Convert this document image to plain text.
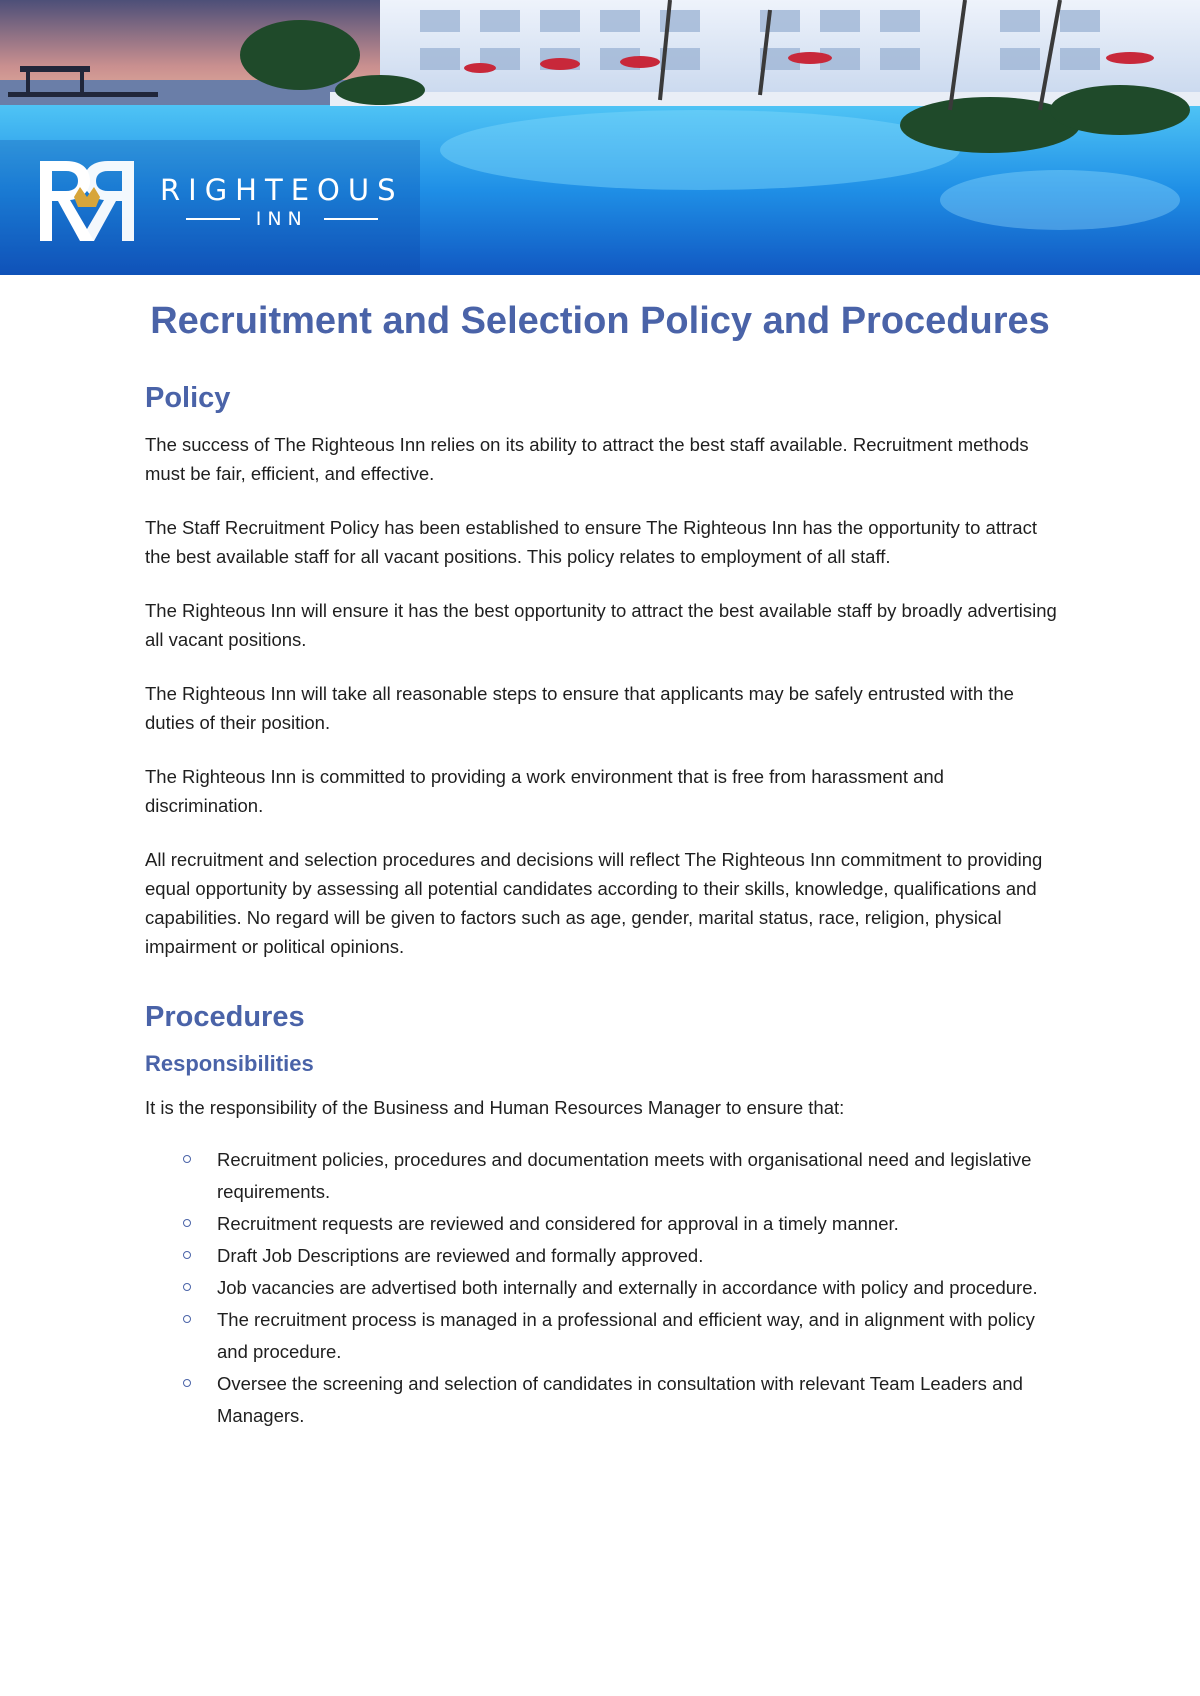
RIGHTEOUS
INN
Recruitment and Selection Policy and Procedures
Policy

The success of The Righteous Inn relies on its ability to attract the best staff available. Recruitment methods must be fair, efficient, and effective.

The Staff Recruitment Policy has been established to ensure The Righteous Inn has the opportunity to attract the best available staff for all vacant positions. This policy relates to employment of all staff.

The Righteous Inn will ensure it has the best opportunity to attract the best available staff by broadly advertising all vacant positions.

The Righteous Inn will take all reasonable steps to ensure that applicants may be safely entrusted with the duties of their position.

The Righteous Inn is committed to providing a work environment that is free from harassment and discrimination.

All recruitment and selection procedures and decisions will reflect The Righteous Inn commitment to providing equal opportunity by assessing all potential candidates according to their skills, knowledge, qualifications and capabilities. No regard will be given to factors such as age, gender, marital status, race, religion, physical impairment or political opinions.

Procedures
Responsibilities

It is the responsibility of the Business and Human Resources Manager to ensure that:

Recruitment policies, procedures and documentation meets with organisational need and legislative requirements.
Recruitment requests are reviewed and considered for approval in a timely manner.
Draft Job Descriptions are reviewed and formally approved.
Job vacancies are advertised both internally and externally in accordance with policy and procedure.
The recruitment process is managed in a professional and efficient way, and in alignment with policy and procedure.
Oversee the screening and selection of candidates in consultation with relevant Team Leaders and Managers.
